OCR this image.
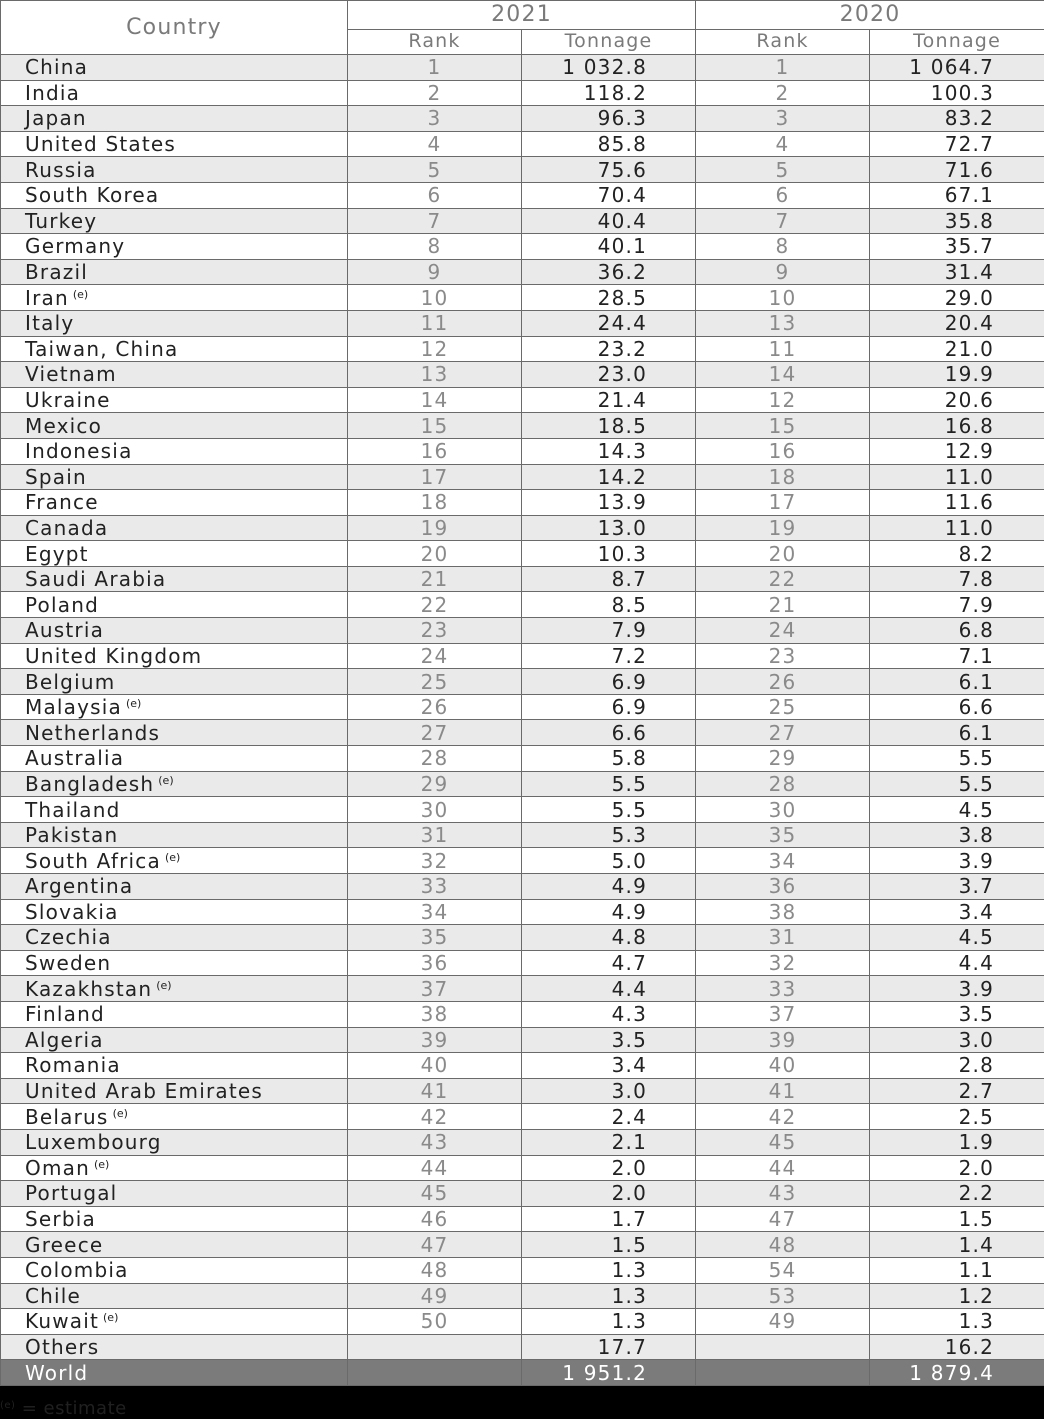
Country	2021		2020	
	Rank	Tonnage	Rank	Tonnage
China	1	1 032.8	1	1 064.7
India	2	118.2	2	100.3
Japan	3	96.3	3	83.2
United States	4	85.8	4	72.7
Russia	5	75.6	5	71.6
South Korea	6	70.4	6	67.1
Turkey	7	40.4	7	35.8
Germany	8	40.1	8	35.7
Brazil	9	36.2	9	31.4
Iran $^{(e)}$	10	28.5	10	29.0
Italy	11	24.4	13	20.4
Taiwan, China	12	23.2	11	21.0
Vietnam	13	23.0	14	19.9
Ukraine	14	21.4	12	20.6
Mexico	15	18.5	15	16.8
Indonesia	16	14.3	16	12.9
Spain	17	14.2	18	11.0
France	18	13.9	17	11.6
Canada	19	13.0	19	11.0
Egypt	20	10.3	20	8.2
Saudi Arabia	21	8.7	22	7.8
Poland	22	8.5	21	7.9
Austria	23	7.9	24	6.8
United Kingdom	24	7.2	23	7.1
Belgium	25	6.9	26	6.1
Malaysia $^{(e)}$	26	6.9	25	6.6
Netherlands	27	6.6	27	6.1
Australia	28	5.8	29	5.5
Bangladesh $^{(e)}$	29	5.5	28	5.5
Thailand	30	5.5	30	4.5
Pakistan	31	5.3	35	3.8
South Africa $^{(e)}$	32	5.0	34	3.9
Argentina	33	4.9	36	3.7
Slovakia	34	4.9	38	3.4
Czechia	35	4.8	31	4.5
Sweden	36	4.7	32	4.4
Kazakhstan $^{(e)}$	37	4.4	33	3.9
Finland	38	4.3	37	3.5
Algeria	39	3.5	39	3.0
Romania	40	3.4	40	2.8
United Arab Emirates	41	3.0	41	2.7
Belarus $^{(e)}$	42	2.4	42	2.5
Luxembourg	43	2.1	45	1.9
Oman $^{(e)}$	44	2.0	44	2.0
Portugal	45	2.0	43	2.2
Serbia	46	1.7	47	1.5
Greece	47	1.5	48	1.4
Colombia	48	1.3	54	1.1
Chile	49	1.3	53	1.2
Kuwait $^{(e)}$	50	1.3	49	1.3
Others		17.7		16.2
World		1 951.2		1 879.4
$^{(e)}$ = estimate
